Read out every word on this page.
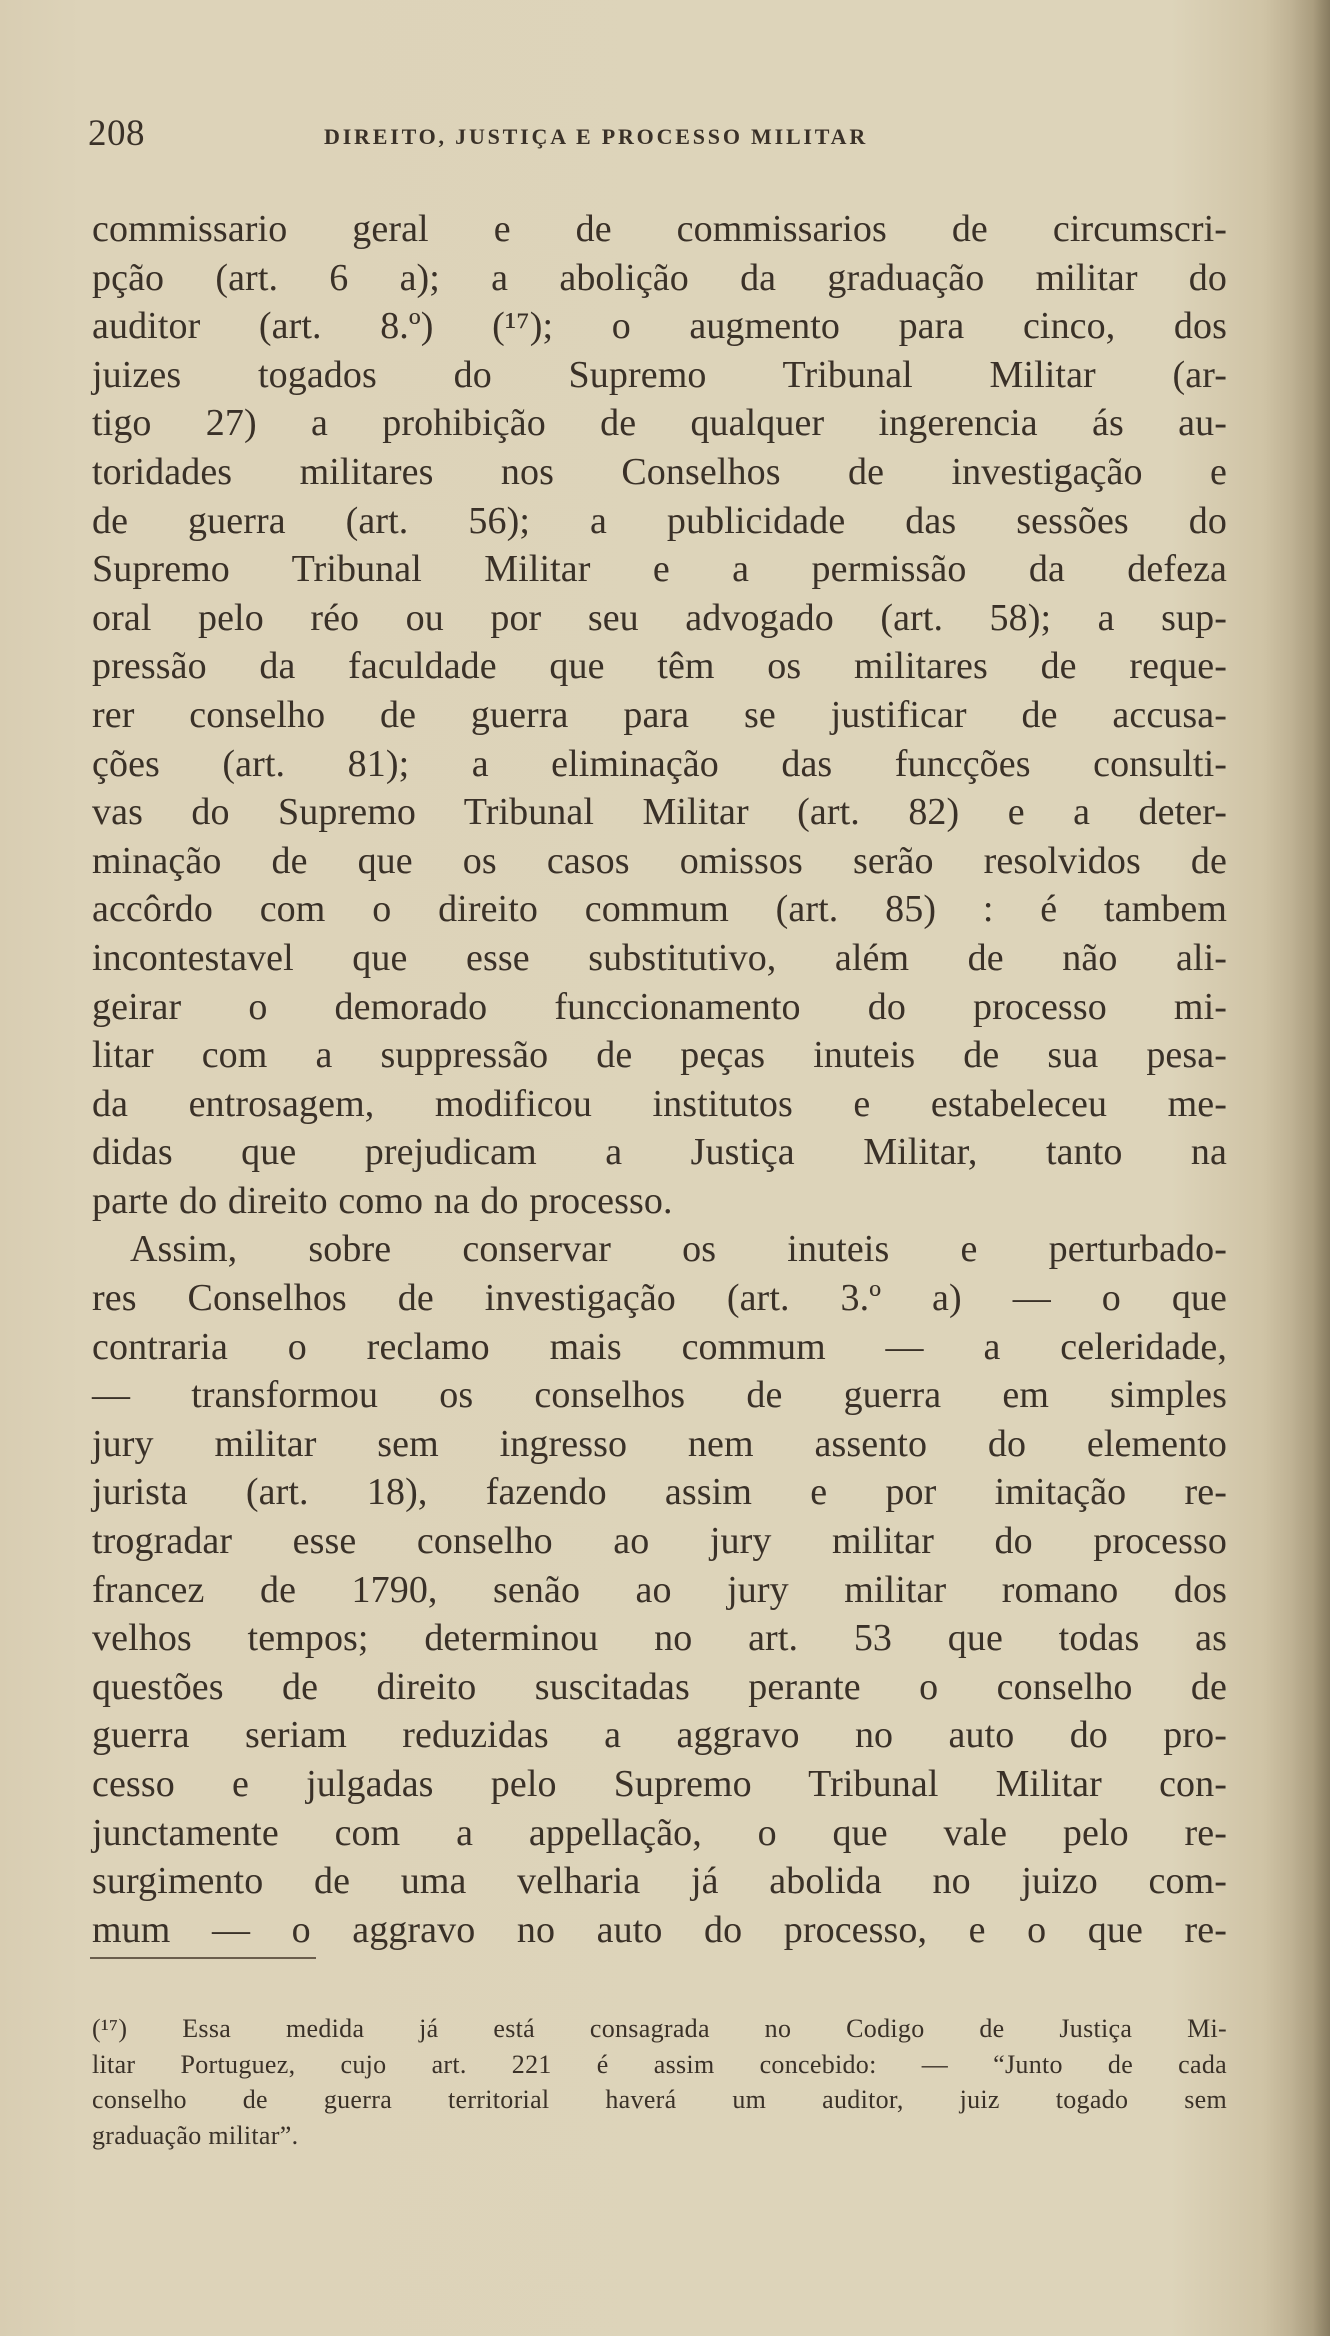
208	DIREITO, JUSTIÇA E PROCESSO MILITAR
commissario geral e de commissarios de circumscri-
pção (art. 6 a); a abolição da graduação militar do
auditor (art. 8.º) (¹⁷); o augmento para cinco, dos
juizes togados do Supremo Tribunal Militar (ar-
tigo 27) a prohibição de qualquer ingerencia ás au-
toridades militares nos Conselhos de investigação e
de guerra (art. 56); a publicidade das sessões do
Supremo Tribunal Militar e a permissão da defeza
oral pelo réo ou por seu advogado (art. 58); a sup-
pressão da faculdade que têm os militares de reque-
rer conselho de guerra para se justificar de accusa-
ções (art. 81); a eliminação das funcções consulti-
vas do Supremo Tribunal Militar (art. 82) e a deter-
minação de que os casos omissos serão resolvidos de
accôrdo com o direito commum (art. 85) : é tambem
incontestavel que esse substitutivo, além de não ali-
geirar o demorado funccionamento do processo mi-
litar com a suppressão de peças inuteis de sua pesa-
da entrosagem, modificou institutos e estabeleceu me-
didas que prejudicam a Justiça Militar, tanto na
parte do direito como na do processo.
Assim, sobre conservar os inuteis e perturbado-
res Conselhos de investigação (art. 3.º a) — o que
contraria o reclamo mais commum — a celeridade,
— transformou os conselhos de guerra em simples
jury militar sem ingresso nem assento do elemento
jurista (art. 18), fazendo assim e por imitação re-
trogradar esse conselho ao jury militar do processo
francez de 1790, senão ao jury militar romano dos
velhos tempos; determinou no art. 53 que todas as
questões de direito suscitadas perante o conselho de
guerra seriam reduzidas a aggravo no auto do pro-
cesso e julgadas pelo Supremo Tribunal Militar con-
junctamente com a appellação, o que vale pelo re-
surgimento de uma velharia já abolida no juizo com-
mum — o aggravo no auto do processo, e o que re-
(¹⁷) Essa medida já está consagrada no Codigo de Justiça Mi-
litar Portuguez, cujo art. 221 é assim concebido: — “Junto de cada
conselho de guerra territorial haverá um auditor, juiz togado sem
graduação militar”.
